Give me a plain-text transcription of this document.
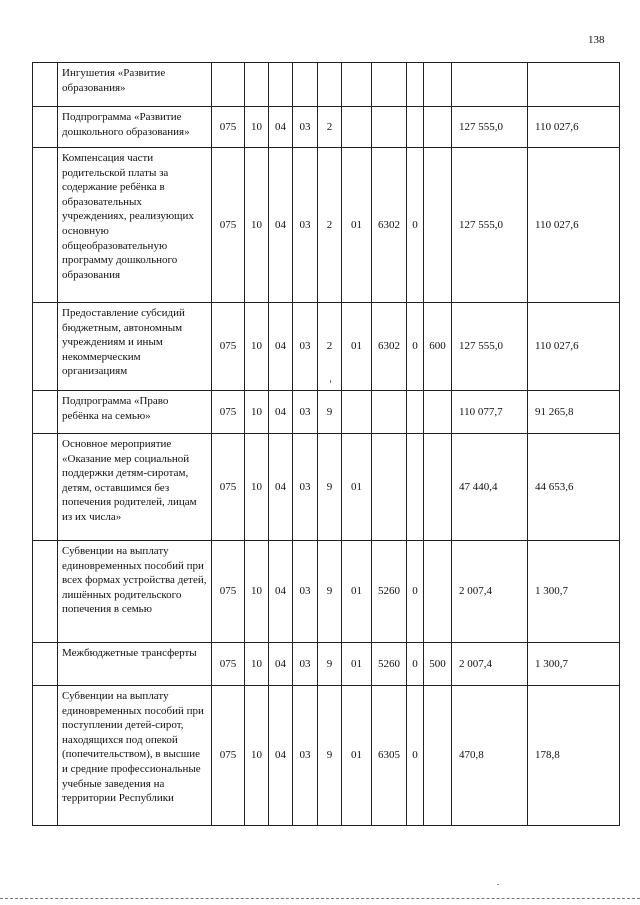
138
	Ингушетия «Развитие образования»											
	Подпрограмма «Развитие дошкольного образования»	075	10	04	03	2					127 555,0	110 027,6
	Компенсация части родительской платы за содержание ребёнка в образовательных учреждениях, реализующих основную общеобразовательную программу дошкольного образования	075	10	04	03	2	01	6302	0		127 555,0	110 027,6
	Предоставление субсидий бюджетным, автономным учреждениям и иным некоммерческим организациям	075	10	04	03	2	01	6302	0	600	127 555,0	110 027,6
	Подпрограмма «Право ребёнка на семью»	075	10	04	03	9					110 077,7	91 265,8
	Основное мероприятие «Оказание мер социальной поддержки детям-сиротам, детям, оставшимся без попечения родителей, лицам из их числа»	075	10	04	03	9	01				47 440,4	44 653,6
	Субвенции на выплату единовременных пособий при всех формах устройства детей, лишённых родительского попечения в семью	075	10	04	03	9	01	5260	0		2 007,4	1 300,7
	Межбюджетные трансферты	075	10	04	03	9	01	5260	0	500	2 007,4	1 300,7
	Субвенции на выплату единовременных пособий при поступлении детей-сирот, находящихся под опекой (попечительством), в высшие и средние профессиональные учебные заведения на территории Республики	075	10	04	03	9	01	6305	0		470,8	178,8
